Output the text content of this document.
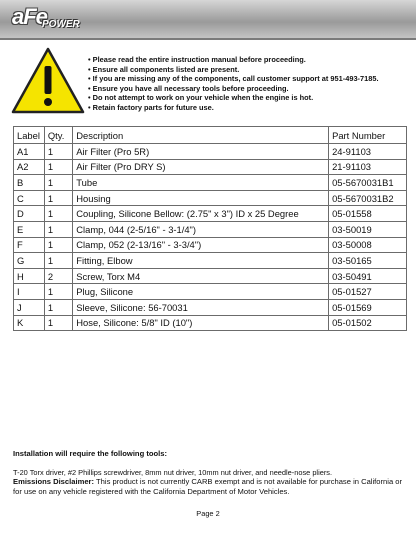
aFe
POWER
• Please read the entire instruction manual before proceeding.
• Ensure all components listed are present.
• If you are missing any of the components, call customer support at 951-493-7185.
• Ensure you have all necessary tools before proceeding.
• Do not attempt to work on your vehicle when the engine is hot.
• Retain factory parts for future use.
Label	Qty.	Description	Part Number
A1	1	Air Filter (Pro 5R)	24-91103
A2	1	Air Filter (Pro DRY S)	21-91103
B	1	Tube	05-5670031B1
C	1	Housing	05-5670031B2
D	1	Coupling, Silicone Bellow: (2.75" x 3") ID x 25 Degree	05-01558
E	1	Clamp, 044 (2-5/16" - 3-1/4")	03-50019
F	1	Clamp, 052 (2-13/16" - 3-3/4")	03-50008
G	1	Fitting, Elbow	03-50165
H	2	Screw, Torx M4	03-50491
I	1	Plug, Silicone	05-01527
J	1	Sleeve, Silicone: 56-70031	05-01569
K	1	Hose, Silicone: 5/8" ID (10")	05-01502
Installation will require the following tools:
T-20 Torx driver, #2 Phillips screwdriver, 8mm nut driver, 10mm nut driver, and needle-nose pliers.
Emissions Disclaimer: This product is not currently CARB exempt and is not available for purchase in California or for use on any vehicle registered with the California Department of Motor Vehicles.
Page 2
